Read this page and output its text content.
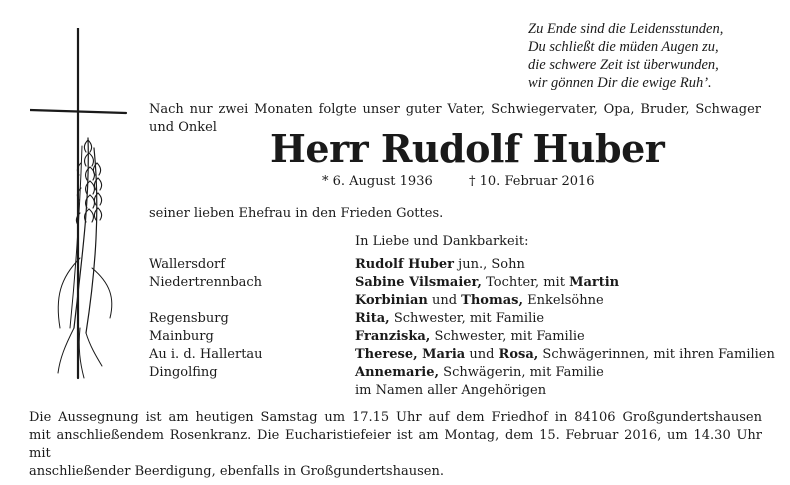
Zu Ende sind die Leidensstunden,
Du schließt die müden Augen zu,
die schwere Zeit ist überwunden,
wir gönnen Dir die ewige Ruh’.
Nach nur zwei Monaten folgte unser guter Vater, Schwiegervater, Opa, Bruder, Schwager und Onkel	Herr Rudolf Huber
* 6. August 1936	† 10. Februar 2016
seiner lieben Ehefrau in den Frieden Gottes.
In Liebe und Dankbarkeit:
Wallersdorf
Niedertrennbach
Regensburg
Mainburg
Au i. d. Hallertau
Dingolfing
Rudolf Huber jun., Sohn
Sabine Vilsmaier, Tochter, mit Martin
Korbinian und Thomas, Enkelsöhne
Rita, Schwester, mit Familie
Franziska, Schwester, mit Familie
Therese, Maria und Rosa, Schwägerinnen, mit ihren Familien
Annemarie, Schwägerin, mit Familie
im Namen aller Angehörigen
Die Aussegnung ist am heutigen Samstag um 17.15 Uhr auf dem Friedhof in 84106 Großgundertshausen
mit anschließendem Rosenkranz. Die Eucharistiefeier ist am Montag, dem 15. Februar 2016, um 14.30 Uhr mit
anschließender Beerdigung, ebenfalls in Großgundertshausen.
